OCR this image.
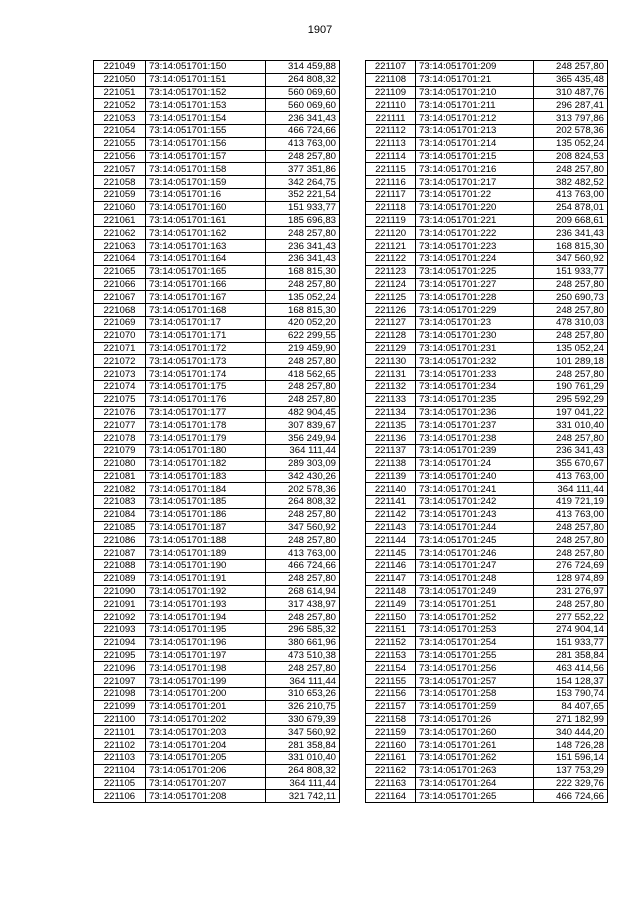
1907
221049	73:14:051701:150	314 459,88
221050	73:14:051701:151	264 808,32
221051	73:14:051701:152	560 069,60
221052	73:14:051701:153	560 069,60
221053	73:14:051701:154	236 341,43
221054	73:14:051701:155	466 724,66
221055	73:14:051701:156	413 763,00
221056	73:14:051701:157	248 257,80
221057	73:14:051701:158	377 351,86
221058	73:14:051701:159	342 264,75
221059	73:14:051701:16	352 221,54
221060	73:14:051701:160	151 933,77
221061	73:14:051701:161	185 696,83
221062	73:14:051701:162	248 257,80
221063	73:14:051701:163	236 341,43
221064	73:14:051701:164	236 341,43
221065	73:14:051701:165	168 815,30
221066	73:14:051701:166	248 257,80
221067	73:14:051701:167	135 052,24
221068	73:14:051701:168	168 815,30
221069	73:14:051701:17	420 052,20
221070	73:14:051701:171	622 299,55
221071	73:14:051701:172	219 459,90
221072	73:14:051701:173	248 257,80
221073	73:14:051701:174	418 562,65
221074	73:14:051701:175	248 257,80
221075	73:14:051701:176	248 257,80
221076	73:14:051701:177	482 904,45
221077	73:14:051701:178	307 839,67
221078	73:14:051701:179	356 249,94
221079	73:14:051701:180	364 111,44
221080	73:14:051701:182	289 303,09
221081	73:14:051701:183	342 430,26
221082	73:14:051701:184	202 578,36
221083	73:14:051701:185	264 808,32
221084	73:14:051701:186	248 257,80
221085	73:14:051701:187	347 560,92
221086	73:14:051701:188	248 257,80
221087	73:14:051701:189	413 763,00
221088	73:14:051701:190	466 724,66
221089	73:14:051701:191	248 257,80
221090	73:14:051701:192	268 614,94
221091	73:14:051701:193	317 438,97
221092	73:14:051701:194	248 257,80
221093	73:14:051701:195	296 585,32
221094	73:14:051701:196	380 661,96
221095	73:14:051701:197	473 510,38
221096	73:14:051701:198	248 257,80
221097	73:14:051701:199	364 111,44
221098	73:14:051701:200	310 653,26
221099	73:14:051701:201	326 210,75
221100	73:14:051701:202	330 679,39
221101	73:14:051701:203	347 560,92
221102	73:14:051701:204	281 358,84
221103	73:14:051701:205	331 010,40
221104	73:14:051701:206	264 808,32
221105	73:14:051701:207	364 111,44
221106	73:14:051701:208	321 742,11
221107	73:14:051701:209	248 257,80
221108	73:14:051701:21	365 435,48
221109	73:14:051701:210	310 487,76
221110	73:14:051701:211	296 287,41
221111	73:14:051701:212	313 797,86
221112	73:14:051701:213	202 578,36
221113	73:14:051701:214	135 052,24
221114	73:14:051701:215	208 824,53
221115	73:14:051701:216	248 257,80
221116	73:14:051701:217	382 482,52
221117	73:14:051701:22	413 763,00
221118	73:14:051701:220	254 878,01
221119	73:14:051701:221	209 668,61
221120	73:14:051701:222	236 341,43
221121	73:14:051701:223	168 815,30
221122	73:14:051701:224	347 560,92
221123	73:14:051701:225	151 933,77
221124	73:14:051701:227	248 257,80
221125	73:14:051701:228	250 690,73
221126	73:14:051701:229	248 257,80
221127	73:14:051701:23	478 310,03
221128	73:14:051701:230	248 257,80
221129	73:14:051701:231	135 052,24
221130	73:14:051701:232	101 289,18
221131	73:14:051701:233	248 257,80
221132	73:14:051701:234	190 761,29
221133	73:14:051701:235	295 592,29
221134	73:14:051701:236	197 041,22
221135	73:14:051701:237	331 010,40
221136	73:14:051701:238	248 257,80
221137	73:14:051701:239	236 341,43
221138	73:14:051701:24	355 670,67
221139	73:14:051701:240	413 763,00
221140	73:14:051701:241	364 111,44
221141	73:14:051701:242	419 721,19
221142	73:14:051701:243	413 763,00
221143	73:14:051701:244	248 257,80
221144	73:14:051701:245	248 257,80
221145	73:14:051701:246	248 257,80
221146	73:14:051701:247	276 724,69
221147	73:14:051701:248	128 974,89
221148	73:14:051701:249	231 276,97
221149	73:14:051701:251	248 257,80
221150	73:14:051701:252	277 552,22
221151	73:14:051701:253	274 904,14
221152	73:14:051701:254	151 933,77
221153	73:14:051701:255	281 358,84
221154	73:14:051701:256	463 414,56
221155	73:14:051701:257	154 128,37
221156	73:14:051701:258	153 790,74
221157	73:14:051701:259	84 407,65
221158	73:14:051701:26	271 182,99
221159	73:14:051701:260	340 444,20
221160	73:14:051701:261	148 726,28
221161	73:14:051701:262	151 596,14
221162	73:14:051701:263	137 753,29
221163	73:14:051701:264	222 329,76
221164	73:14:051701:265	466 724,66
